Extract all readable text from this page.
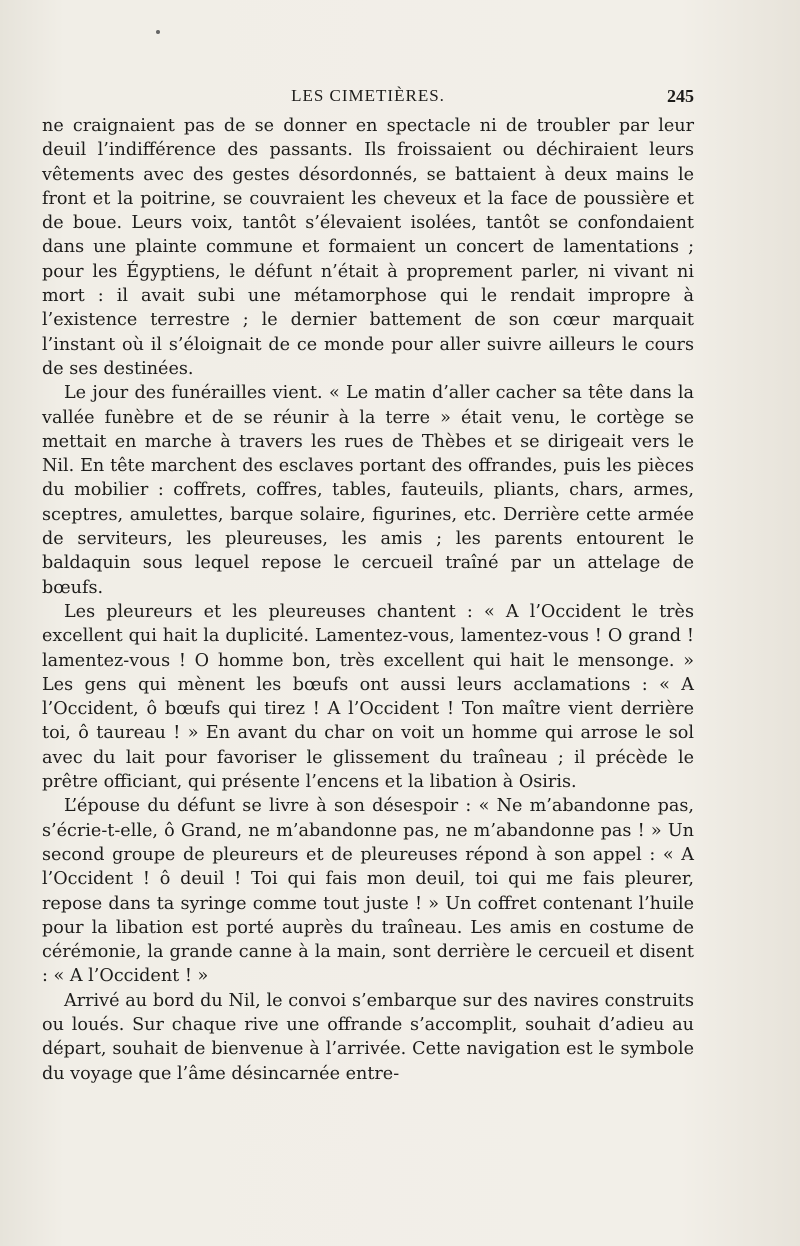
LES CIMETIÈRES.	245

ne craignaient pas de se donner en spectacle ni de troubler par leur deuil l’indifférence des passants. Ils froissaient ou déchiraient leurs vêtements avec des gestes désordonnés, se battaient à deux mains le front et la poitrine, se couvraient les cheveux et la face de poussière et de boue. Leurs voix, tantôt s’élevaient isolées, tantôt se confondaient dans une plainte commune et formaient un concert de lamentations ; pour les Égyptiens, le défunt n’était à proprement parler, ni vivant ni mort : il avait subi une métamorphose qui le rendait impropre à l’existence terrestre ; le dernier battement de son cœur marquait l’instant où il s’éloignait de ce monde pour aller suivre ailleurs le cours de ses destinées.

Le jour des funérailles vient. « Le matin d’aller cacher sa tête dans la vallée funèbre et de se réunir à la terre » était venu, le cortège se mettait en marche à travers les rues de Thèbes et se dirigeait vers le Nil. En tête marchent des esclaves portant des offrandes, puis les pièces du mobilier : coffrets, coffres, tables, fauteuils, pliants, chars, armes, sceptres, amulettes, barque solaire, figurines, etc. Derrière cette armée de serviteurs, les pleureuses, les amis ; les parents entourent le baldaquin sous lequel repose le cercueil traîné par un attelage de bœufs.

Les pleureurs et les pleureuses chantent : « A l’Occident le très excellent qui hait la duplicité. Lamentez-vous, lamentez-vous ! O grand ! lamentez-vous ! O homme bon, très excellent qui hait le mensonge. » Les gens qui mènent les bœufs ont aussi leurs acclamations : « A l’Occident, ô bœufs qui tirez ! A l’Occident ! Ton maître vient derrière toi, ô taureau ! » En avant du char on voit un homme qui arrose le sol avec du lait pour favoriser le glissement du traîneau ; il précède le prêtre officiant, qui présente l’encens et la libation à Osiris.

L’épouse du défunt se livre à son désespoir : « Ne m’abandonne pas, s’écrie-t-elle, ô Grand, ne m’abandonne pas, ne m’abandonne pas ! » Un second groupe de pleureurs et de pleureuses répond à son appel : « A l’Occident ! ô deuil ! Toi qui fais mon deuil, toi qui me fais pleurer, repose dans ta syringe comme tout juste ! » Un coffret contenant l’huile pour la libation est porté auprès du traîneau. Les amis en costume de cérémonie, la grande canne à la main, sont derrière le cercueil et disent : « A l’Occident ! »

Arrivé au bord du Nil, le convoi s’embarque sur des navires construits ou loués. Sur chaque rive une offrande s’accomplit, souhait d’adieu au départ, souhait de bienvenue à l’arrivée. Cette navigation est le symbole du voyage que l’âme désincarnée entre-
